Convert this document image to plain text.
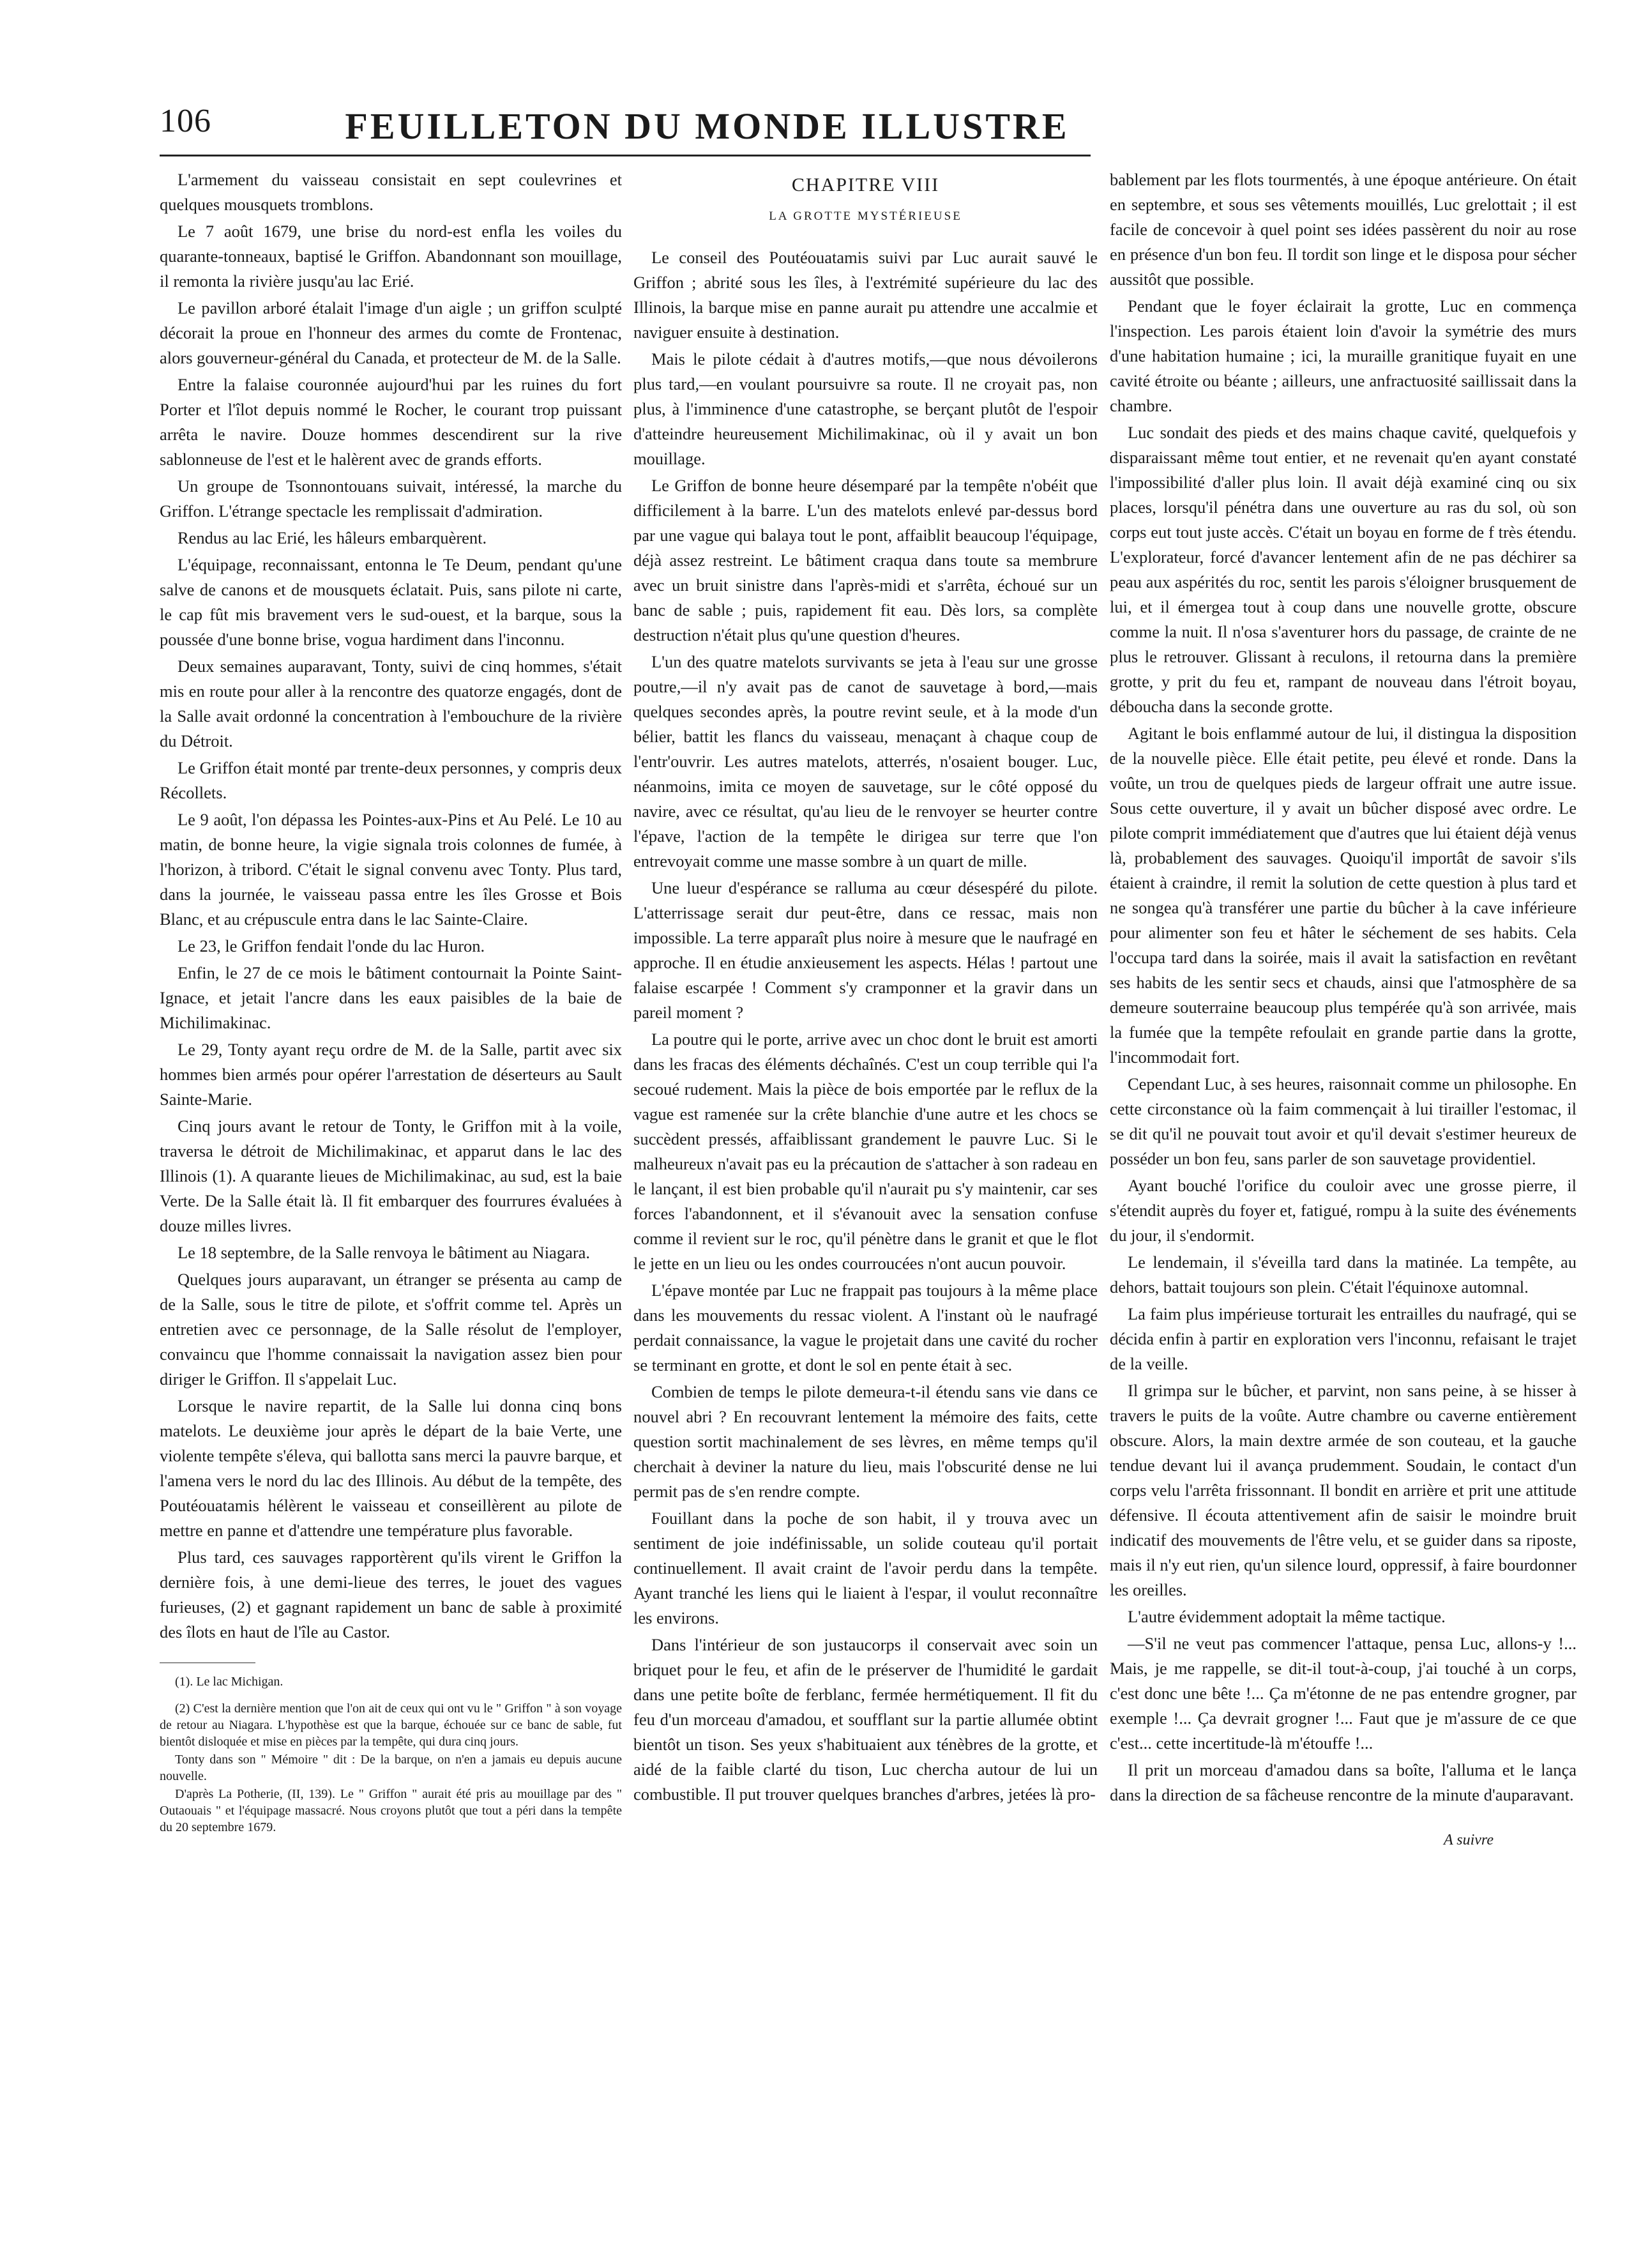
106	FEUILLETON DU MONDE ILLUSTRE

L'armement du vaisseau consistait en sept coulevrines et quelques mousquets tromblons.

Le 7 août 1679, une brise du nord-est enfla les voiles du quarante-tonneaux, baptisé le Griffon. Abandonnant son mouillage, il remonta la rivière jusqu'au lac Erié.

Le pavillon arboré étalait l'image d'un aigle ; un griffon sculpté décorait la proue en l'honneur des armes du comte de Frontenac, alors gouverneur-général du Canada, et protecteur de M. de la Salle.

Entre la falaise couronnée aujourd'hui par les ruines du fort Porter et l'îlot depuis nommé le Rocher, le courant trop puissant arrêta le navire. Douze hommes descendirent sur la rive sablonneuse de l'est et le halèrent avec de grands efforts.

Un groupe de Tsonnontouans suivait, intéressé, la marche du Griffon. L'étrange spectacle les remplissait d'admiration.

Rendus au lac Erié, les hâleurs embarquèrent.

L'équipage, reconnaissant, entonna le Te Deum, pendant qu'une salve de canons et de mousquets éclatait. Puis, sans pilote ni carte, le cap fût mis bravement vers le sud-ouest, et la barque, sous la poussée d'une bonne brise, vogua hardiment dans l'inconnu.

Deux semaines auparavant, Tonty, suivi de cinq hommes, s'était mis en route pour aller à la rencontre des quatorze engagés, dont de la Salle avait ordonné la concentration à l'embouchure de la rivière du Détroit.

Le Griffon était monté par trente-deux personnes, y compris deux Récollets.

Le 9 août, l'on dépassa les Pointes-aux-Pins et Au Pelé. Le 10 au matin, de bonne heure, la vigie signala trois colonnes de fumée, à l'horizon, à tribord. C'était le signal convenu avec Tonty. Plus tard, dans la journée, le vaisseau passa entre les îles Grosse et Bois Blanc, et au crépuscule entra dans le lac Sainte-Claire.

Le 23, le Griffon fendait l'onde du lac Huron.

Enfin, le 27 de ce mois le bâtiment contournait la Pointe Saint-Ignace, et jetait l'ancre dans les eaux paisibles de la baie de Michilimakinac.

Le 29, Tonty ayant reçu ordre de M. de la Salle, partit avec six hommes bien armés pour opérer l'arrestation de déserteurs au Sault Sainte-Marie.

Cinq jours avant le retour de Tonty, le Griffon mit à la voile, traversa le détroit de Michilimakinac, et apparut dans le lac des Illinois (1). A quarante lieues de Michilimakinac, au sud, est la baie Verte. De la Salle était là. Il fit embarquer des fourrures évaluées à douze milles livres.

Le 18 septembre, de la Salle renvoya le bâtiment au Niagara.

Quelques jours auparavant, un étranger se présenta au camp de de la Salle, sous le titre de pilote, et s'offrit comme tel. Après un entretien avec ce personnage, de la Salle résolut de l'employer, convaincu que l'homme connaissait la navigation assez bien pour diriger le Griffon. Il s'appelait Luc.

Lorsque le navire repartit, de la Salle lui donna cinq bons matelots. Le deuxième jour après le départ de la baie Verte, une violente tempête s'éleva, qui ballotta sans merci la pauvre barque, et l'amena vers le nord du lac des Illinois. Au début de la tempête, des Poutéouatamis hélèrent le vaisseau et conseillèrent au pilote de mettre en panne et d'attendre une température plus favorable.

Plus tard, ces sauvages rapportèrent qu'ils virent le Griffon la dernière fois, à une demi-lieue des terres, le jouet des vagues furieuses, (2) et gagnant rapidement un banc de sable à proximité des îlots en haut de l'île au Castor.

(1). Le lac Michigan.

(2) C'est la dernière mention que l'on ait de ceux qui ont vu le " Griffon " à son voyage de retour au Niagara. L'hypothèse est que la barque, échouée sur ce banc de sable, fut bientôt disloquée et mise en pièces par la tempête, qui dura cinq jours.

Tonty dans son " Mémoire " dit : De la barque, on n'en a jamais eu depuis aucune nouvelle.

D'après La Potherie, (II, 139). Le " Griffon " aurait été pris au mouillage par des " Outaouais " et l'équipage massacré. Nous croyons plutôt que tout a péri dans la tempête du 20 septembre 1679.

CHAPITRE VIII
LA GROTTE MYSTÉRIEUSE

Le conseil des Poutéouatamis suivi par Luc aurait sauvé le Griffon ; abrité sous les îles, à l'extrémité supérieure du lac des Illinois, la barque mise en panne aurait pu attendre une accalmie et naviguer ensuite à destination.

Mais le pilote cédait à d'autres motifs,—que nous dévoilerons plus tard,—en voulant poursuivre sa route. Il ne croyait pas, non plus, à l'imminence d'une catastrophe, se berçant plutôt de l'espoir d'atteindre heureusement Michilimakinac, où il y avait un bon mouillage.

Le Griffon de bonne heure désemparé par la tempête n'obéit que difficilement à la barre. L'un des matelots enlevé par-dessus bord par une vague qui balaya tout le pont, affaiblit beaucoup l'équipage, déjà assez restreint. Le bâtiment craqua dans toute sa membrure avec un bruit sinistre dans l'après-midi et s'arrêta, échoué sur un banc de sable ; puis, rapidement fit eau. Dès lors, sa complète destruction n'était plus qu'une question d'heures.

L'un des quatre matelots survivants se jeta à l'eau sur une grosse poutre,—il n'y avait pas de canot de sauvetage à bord,—mais quelques secondes après, la poutre revint seule, et à la mode d'un bélier, battit les flancs du vaisseau, menaçant à chaque coup de l'entr'ouvrir. Les autres matelots, atterrés, n'osaient bouger. Luc, néanmoins, imita ce moyen de sauvetage, sur le côté opposé du navire, avec ce résultat, qu'au lieu de le renvoyer se heurter contre l'épave, l'action de la tempête le dirigea sur terre que l'on entrevoyait comme une masse sombre à un quart de mille.

Une lueur d'espérance se ralluma au cœur désespéré du pilote. L'atterrissage serait dur peut-être, dans ce ressac, mais non impossible. La terre apparaît plus noire à mesure que le naufragé en approche. Il en étudie anxieusement les aspects. Hélas ! partout une falaise escarpée ! Comment s'y cramponner et la gravir dans un pareil moment ?

La poutre qui le porte, arrive avec un choc dont le bruit est amorti dans les fracas des éléments déchaînés. C'est un coup terrible qui l'a secoué rudement. Mais la pièce de bois emportée par le reflux de la vague est ramenée sur la crête blanchie d'une autre et les chocs se succèdent pressés, affaiblissant grandement le pauvre Luc. Si le malheureux n'avait pas eu la précaution de s'attacher à son radeau en le lançant, il est bien probable qu'il n'aurait pu s'y maintenir, car ses forces l'abandonnent, et il s'évanouit avec la sensation confuse comme il revient sur le roc, qu'il pénètre dans le granit et que le flot le jette en un lieu ou les ondes courroucées n'ont aucun pouvoir.

L'épave montée par Luc ne frappait pas toujours à la même place dans les mouvements du ressac violent. A l'instant où le naufragé perdait connaissance, la vague le projetait dans une cavité du rocher se terminant en grotte, et dont le sol en pente était à sec.

Combien de temps le pilote demeura-t-il étendu sans vie dans ce nouvel abri ? En recouvrant lentement la mémoire des faits, cette question sortit machinalement de ses lèvres, en même temps qu'il cherchait à deviner la nature du lieu, mais l'obscurité dense ne lui permit pas de s'en rendre compte.

Fouillant dans la poche de son habit, il y trouva avec un sentiment de joie indéfinissable, un solide couteau qu'il portait continuellement. Il avait craint de l'avoir perdu dans la tempête. Ayant tranché les liens qui le liaient à l'espar, il voulut reconnaître les environs.

Dans l'intérieur de son justaucorps il conservait avec soin un briquet pour le feu, et afin de le préserver de l'humidité le gardait dans une petite boîte de ferblanc, fermée hermétiquement. Il fit du feu d'un morceau d'amadou, et soufflant sur la partie allumée obtint bientôt un tison. Ses yeux s'habituaient aux ténèbres de la grotte, et aidé de la faible clarté du tison, Luc chercha autour de lui un combustible. Il put trouver quelques branches d'arbres, jetées là pro-

bablement par les flots tourmentés, à une époque antérieure. On était en septembre, et sous ses vêtements mouillés, Luc grelottait ; il est facile de concevoir à quel point ses idées passèrent du noir au rose en présence d'un bon feu. Il tordit son linge et le disposa pour sécher aussitôt que possible.

Pendant que le foyer éclairait la grotte, Luc en commença l'inspection. Les parois étaient loin d'avoir la symétrie des murs d'une habitation humaine ; ici, la muraille granitique fuyait en une cavité étroite ou béante ; ailleurs, une anfractuosité saillissait dans la chambre.

Luc sondait des pieds et des mains chaque cavité, quelquefois y disparaissant même tout entier, et ne revenait qu'en ayant constaté l'impossibilité d'aller plus loin. Il avait déjà examiné cinq ou six places, lorsqu'il pénétra dans une ouverture au ras du sol, où son corps eut tout juste accès. C'était un boyau en forme de f très étendu. L'explorateur, forcé d'avancer lentement afin de ne pas déchirer sa peau aux aspérités du roc, sentit les parois s'éloigner brusquement de lui, et il émergea tout à coup dans une nouvelle grotte, obscure comme la nuit. Il n'osa s'aventurer hors du passage, de crainte de ne plus le retrouver. Glissant à reculons, il retourna dans la première grotte, y prit du feu et, rampant de nouveau dans l'étroit boyau, déboucha dans la seconde grotte.

Agitant le bois enflammé autour de lui, il distingua la disposition de la nouvelle pièce. Elle était petite, peu élevé et ronde. Dans la voûte, un trou de quelques pieds de largeur offrait une autre issue. Sous cette ouverture, il y avait un bûcher disposé avec ordre. Le pilote comprit immédiatement que d'autres que lui étaient déjà venus là, probablement des sauvages. Quoiqu'il importât de savoir s'ils étaient à craindre, il remit la solution de cette question à plus tard et ne songea qu'à transférer une partie du bûcher à la cave inférieure pour alimenter son feu et hâter le séchement de ses habits. Cela l'occupa tard dans la soirée, mais il avait la satisfaction en revêtant ses habits de les sentir secs et chauds, ainsi que l'atmosphère de sa demeure souterraine beaucoup plus tempérée qu'à son arrivée, mais la fumée que la tempête refoulait en grande partie dans la grotte, l'incommodait fort.

Cependant Luc, à ses heures, raisonnait comme un philosophe. En cette circonstance où la faim commençait à lui tirailler l'estomac, il se dit qu'il ne pouvait tout avoir et qu'il devait s'estimer heureux de posséder un bon feu, sans parler de son sauvetage providentiel.

Ayant bouché l'orifice du couloir avec une grosse pierre, il s'étendit auprès du foyer et, fatigué, rompu à la suite des événements du jour, il s'endormit.

Le lendemain, il s'éveilla tard dans la matinée. La tempête, au dehors, battait toujours son plein. C'était l'équinoxe automnal.

La faim plus impérieuse torturait les entrailles du naufragé, qui se décida enfin à partir en exploration vers l'inconnu, refaisant le trajet de la veille.

Il grimpa sur le bûcher, et parvint, non sans peine, à se hisser à travers le puits de la voûte. Autre chambre ou caverne entièrement obscure. Alors, la main dextre armée de son couteau, et la gauche tendue devant lui il avança prudemment. Soudain, le contact d'un corps velu l'arrêta frissonnant. Il bondit en arrière et prit une attitude défensive. Il écouta attentivement afin de saisir le moindre bruit indicatif des mouvements de l'être velu, et se guider dans sa riposte, mais il n'y eut rien, qu'un silence lourd, oppressif, à faire bourdonner les oreilles.

L'autre évidemment adoptait la même tactique.

—S'il ne veut pas commencer l'attaque, pensa Luc, allons-y !... Mais, je me rappelle, se dit-il tout-à-coup, j'ai touché à un corps, c'est donc une bête !... Ça m'étonne de ne pas entendre grogner, par exemple !... Ça devrait grogner !... Faut que je m'assure de ce que c'est... cette incertitude-là m'étouffe !...

Il prit un morceau d'amadou dans sa boîte, l'alluma et le lança dans la direction de sa fâcheuse rencontre de la minute d'auparavant.

A suivre
